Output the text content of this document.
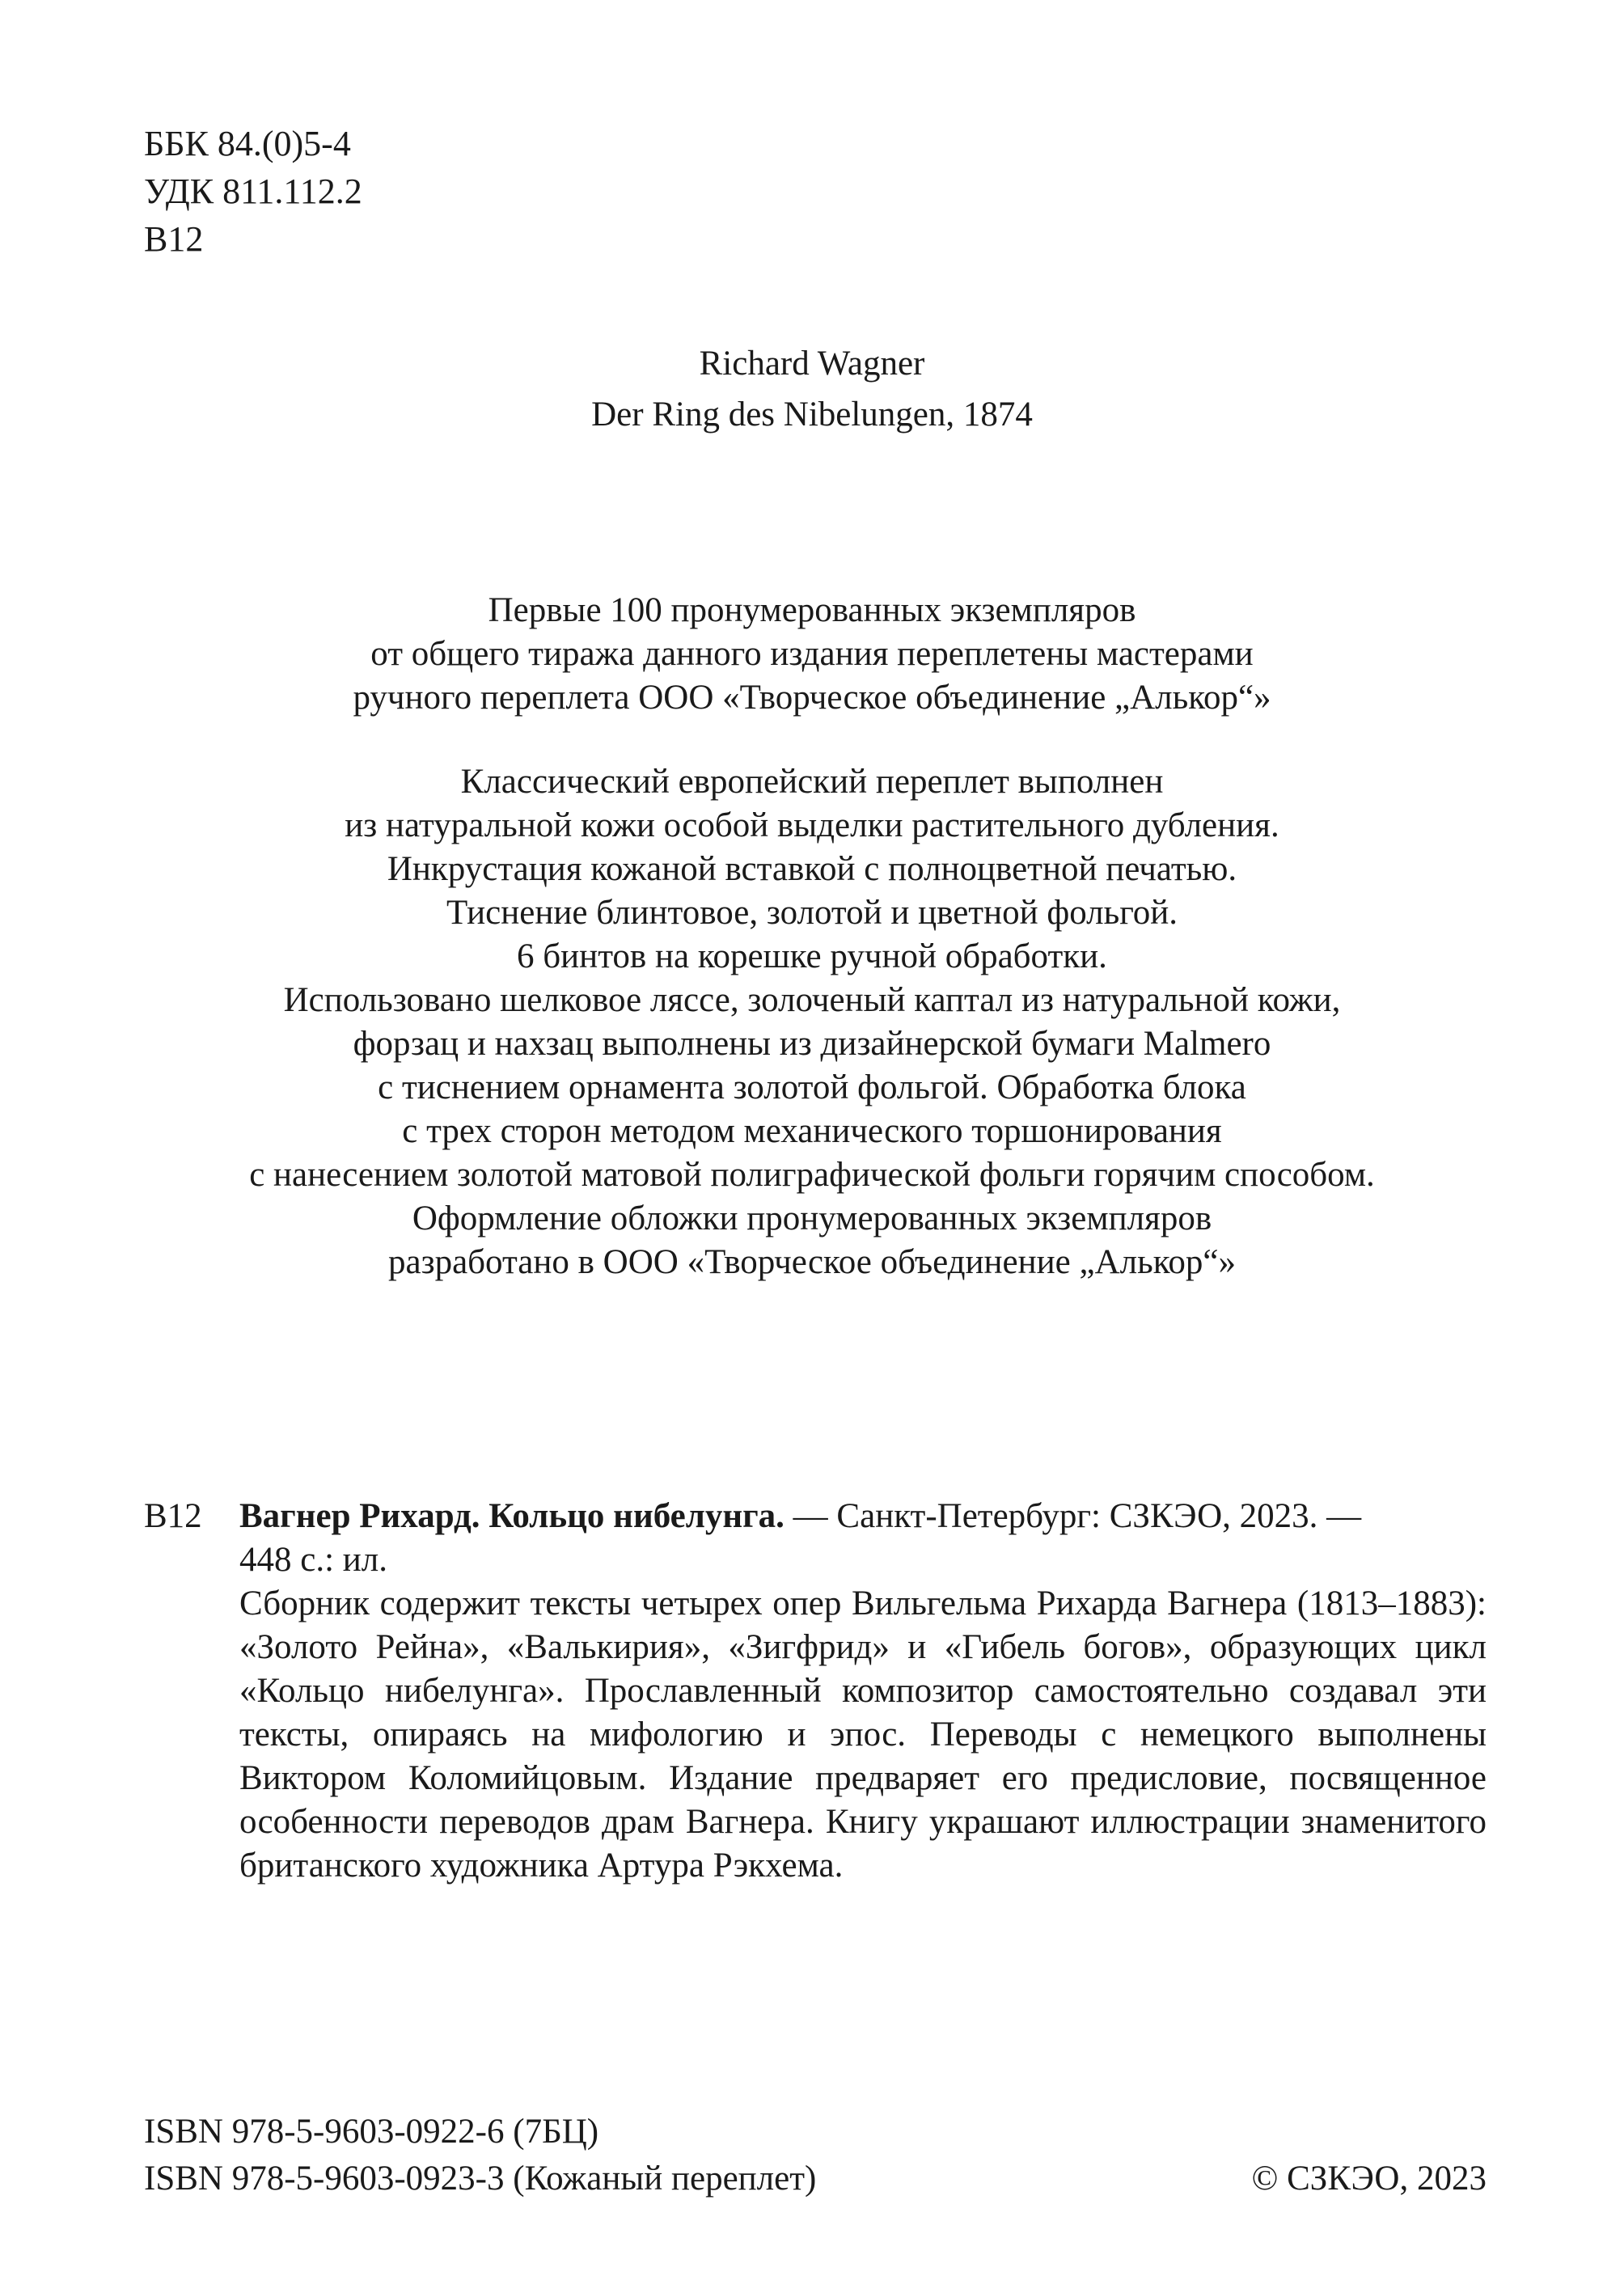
ББК 84.(0)5-4
УДК 811.112.2
В12
Richard Wagner
Der Ring des Nibelungen, 1874
Первые 100 пронумерованных экземпляров
от общего тиража данного издания переплетены мастерами
ручного переплета ООО «Творческое объединение „Алькор“»
Классический европейский переплет выполнен
из натуральной кожи особой выделки растительного дубления.
Инкрустация кожаной вставкой с полноцветной печатью.
Тиснение блинтовое, золотой и цветной фольгой.
6 бинтов на корешке ручной обработки.
Использовано шелковое ляссе, золоченый каптал из натуральной кожи,
форзац и нахзац выполнены из дизайнерской бумаги Malmero
с тиснением орнамента золотой фольгой. Обработка блока
с трех сторон методом механического торшонирования
с нанесением золотой матовой полиграфической фольги горячим способом.
Оформление обложки пронумерованных экземпляров
разработано в ООО «Творческое объединение „Алькор“»
В12 Вагнер Рихард. Кольцо нибелунга. — Санкт-Петербург: СЗКЭО, 2023. —
448 с.: ил.
Сборник содержит тексты четырех опер Вильгельма Рихарда Вагнера (1813–1883): «Золото Рейна», «Валькирия», «Зигфрид» и «Гибель богов», образующих цикл «Кольцо нибелунга». Прославленный композитор самостоятельно создавал эти тексты, опираясь на мифологию и эпос. Переводы с немецкого выполнены Виктором Коломийцовым. Издание предваряет его предисловие, посвященное особенности переводов драм Вагнера. Книгу украшают иллюстрации знаменитого британского художника Артура Рэкхема.
ISBN 978-5-9603-0922-6 (7БЦ)
ISBN 978-5-9603-0923-3 (Кожаный переплет)	© СЗКЭО, 2023
